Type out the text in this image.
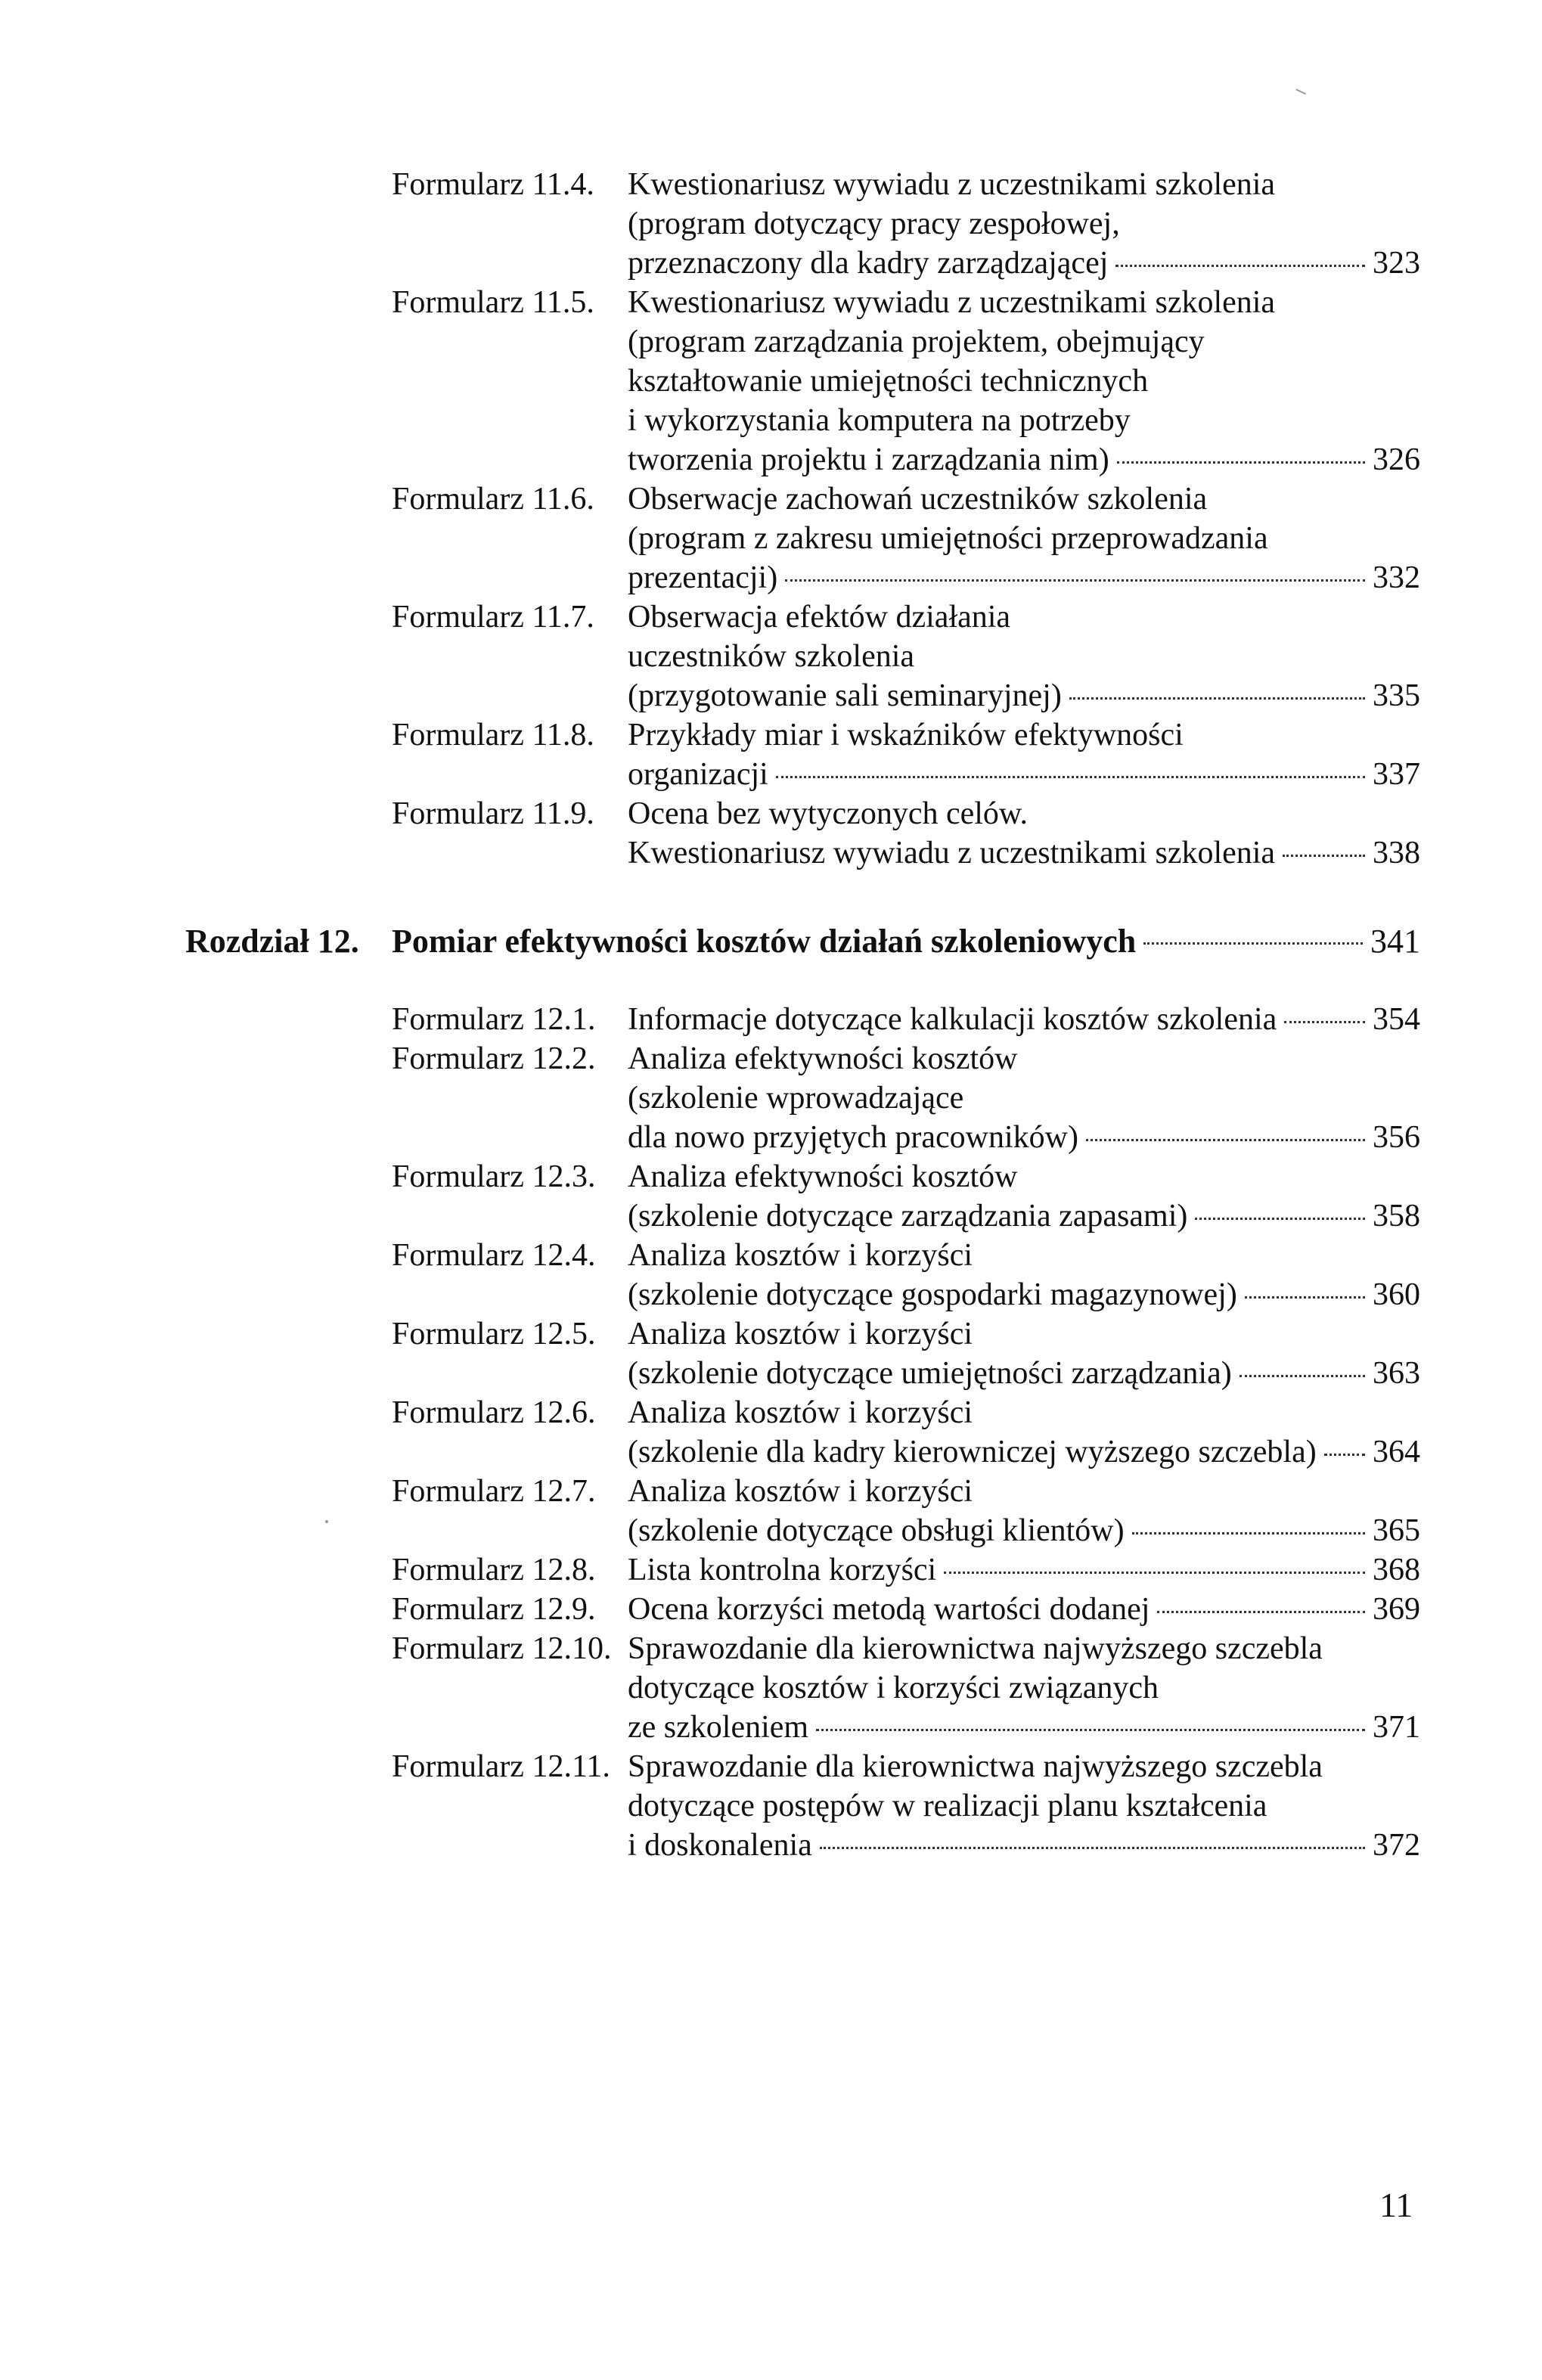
Formularz 11.4.	Kwestionariusz wywiadu z uczestnikami szkolenia
(program dotyczący pracy zespołowej,
przeznaczony dla kadry zarządzającej	323
Formularz 11.5.	Kwestionariusz wywiadu z uczestnikami szkolenia
(program zarządzania projektem, obejmujący
kształtowanie umiejętności technicznych
i wykorzystania komputera na potrzeby
tworzenia projektu i zarządzania nim)	326
Formularz 11.6.	Obserwacje zachowań uczestników szkolenia
(program z zakresu umiejętności przeprowadzania
prezentacji)	332
Formularz 11.7.	Obserwacja efektów działania
uczestników szkolenia
(przygotowanie sali seminaryjnej)	335
Formularz 11.8.	Przykłady miar i wskaźników efektywności
organizacji	337
Formularz 11.9.	Ocena bez wytyczonych celów.
Kwestionariusz wywiadu z uczestnikami szkolenia	338
Rozdział 12. Pomiar efektywności kosztów działań szkoleniowych	341
Formularz 12.1.	Informacje dotyczące kalkulacji kosztów szkolenia	354
Formularz 12.2.	Analiza efektywności kosztów
(szkolenie wprowadzające
dla nowo przyjętych pracowników)	356
Formularz 12.3.	Analiza efektywności kosztów
(szkolenie dotyczące zarządzania zapasami)	358
Formularz 12.4.	Analiza kosztów i korzyści
(szkolenie dotyczące gospodarki magazynowej)	360
Formularz 12.5.	Analiza kosztów i korzyści
(szkolenie dotyczące umiejętności zarządzania)	363
Formularz 12.6.	Analiza kosztów i korzyści
(szkolenie dla kadry kierowniczej wyższego szczebla) 364
Formularz 12.7.	Analiza kosztów i korzyści
(szkolenie dotyczące obsługi klientów)	365
Formularz 12.8.	Lista kontrolna korzyści	368
Formularz 12.9.	Ocena korzyści metodą wartości dodanej	369
Formularz 12.10. Sprawozdanie dla kierownictwa najwyższego szczebla
dotyczące kosztów i korzyści związanych
ze szkoleniem	371
Formularz 12.11. Sprawozdanie dla kierownictwa najwyższego szczebla
dotyczące postępów w realizacji planu kształcenia
i doskonalenia	372
11
